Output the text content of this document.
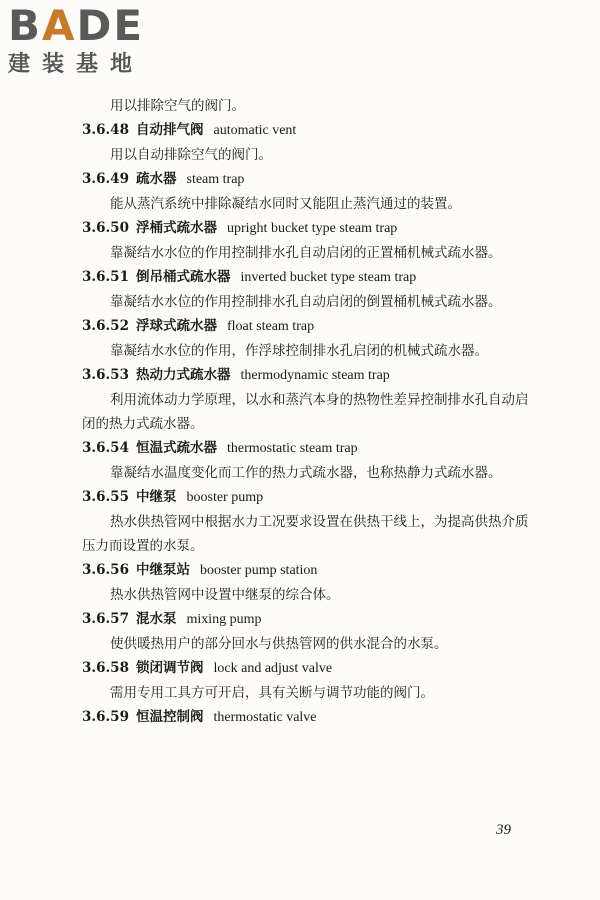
BADE
建装基地
用以排除空气的阀门。
3.6.48 自动排气阀 automatic vent
用以自动排除空气的阀门。
3.6.49 疏水器 steam trap
能从蒸汽系统中排除凝结水同时又能阻止蒸汽通过的装置。
3.6.50 浮桶式疏水器 upright bucket type steam trap
靠凝结水水位的作用控制排水孔自动启闭的正置桶机械式疏水器。
3.6.51 倒吊桶式疏水器 inverted bucket type steam trap
靠凝结水水位的作用控制排水孔自动启闭的倒置桶机械式疏水器。
3.6.52 浮球式疏水器 float steam trap
靠凝结水水位的作用，作浮球控制排水孔启闭的机械式疏水器。
3.6.53 热动力式疏水器 thermodynamic steam trap
利用流体动力学原理，以水和蒸汽本身的热物性差异控制排水孔自动启闭的热力式疏水器。
3.6.54 恒温式疏水器 thermostatic steam trap
靠凝结水温度变化而工作的热力式疏水器，也称热静力式疏水器。
3.6.55 中继泵 booster pump
热水供热管网中根据水力工况要求设置在供热干线上，为提高供热介质压力而设置的水泵。
3.6.56 中继泵站 booster pump station
热水供热管网中设置中继泵的综合体。
3.6.57 混水泵 mixing pump
使供暖热用户的部分回水与供热管网的供水混合的水泵。
3.6.58 锁闭调节阀 lock and adjust valve
需用专用工具方可开启，具有关断与调节功能的阀门。
3.6.59 恒温控制阀 thermostatic valve
39
